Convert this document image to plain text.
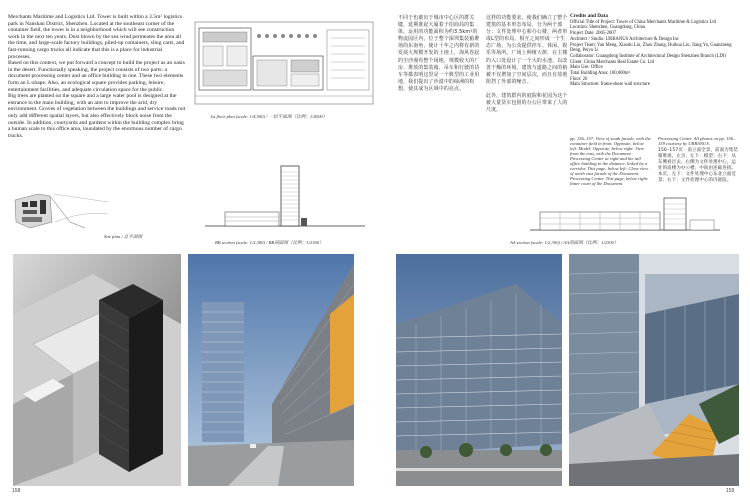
Merchants Maritime and Logistics Ltd. Tower is built within a 3.5m² logistics park in Nanshan District, Shenzhen. Located at the southeast corner of the container field, the tower is in a neighborhood which will see construction work in the next ten years. Dust blown by the sea wind permeates the area all the time, and large-scale factory buildings, piled-up containers, sling carts, and fast-running cargo trucks all indicate that this is a place for industrial processes.

Based on this context, we put forward a concept to build the project as an oasis in the desert. Functionally speaking, the project consists of two parts: a document processing center and an office building in one. These two elements form an L-shape. Also, an ecological square provides parking, leisure, entertainment facilities, and adequate circulation space for the public.

Big trees are planted on the square and a large water pool is designed at the entrance to the main building, with an aim to improve the arid, dry environment. Groves of vegetation between the buildings and service roads not only add different spatial layers, but also effectively block noise from the outside. In addition, courtyards and gardens within the building complex bring a human scale to this office area, inundated by the enormous number of cargo trucks.

Site plan / 总平面图
1st floor plan (scale: 1/4,500) / 一层平面图（比例：1/4500）
BB section (scale: 1/2,300) / BB剖面图（比例：1/2300）
158

不同于也被出于城市中心区的群关键，延期准起大厦着于招商局的集体，运用的功能面积为约3.5km²的物流园区内，位于整个深圳集装箱堆场的东南角，使计十年之内将有新的发展大规模开发的土地上，海风卷起的尘沙漫布整个场地，规模较大的厂房、堆放的集装箱、吊车和行驶的货车等都表明这里是一个典型的工业用地，我们提出了沙漠中的绿洲的构想，使其成为区域中的亮点。

这样的功能要求，使我们确立了整个建筑的基本形态布局，分为两个部分：文件处理中心和办公楼，两者形成L型的布局，相互之间形成一个生态广场，为公众提供停车、休闲、娱乐等场所。广场上种植大树，在主楼的入口处设计了一个大的水池，以改善干燥的环境，建筑与道路之间的植被不仅增加了空间层次，而且有效地阻挡了外部的噪音。

此外，建筑群内的庭院和花园为这个被大量货车包围的办公区带来了人的尺度。

Credits and Data

Official Title of Project: Tower of China Merchants Maritime & Logistics Ltd

Location: Shenzhen, Guangdong, China

Project Date: 2005-2007

Architect / Studio: URBANUS Architecture & Design Inc

Project Team: Yan Meng, Xiaodu Liu, Zhou Zhang, Huihua Liu, Jiang Yu, Guanzheng Deng, Peiyu Li

Collaborator: Guangdong Institute of Architectural Design Shenzhen Branch (LDI)

Client: China Merchants Real Estate Co. Ltd

Main Use: Office

Total Building Area: 100,000m²

Floor: 26

Main Structure: frame-shear wall structure

pp. 156–157: View of south facade, with the container field in front. Opposite, below left: Model. Opposite, below right: View from the east, with the Document Processing Center at right and the tall office building in the distance, linked by a corridor. This page, below left: Close view of north east facade of the Document Processing Center. This page, below right: Inner court of the Document

Processing Center. All photos on pp. 156–159 courtesy by URBANUS.

156–157页：南立面全景，前面为集装箱堆场。左页，左下：模型；右下：从东侧看过去，右侧为文件处理中心，远处的高楼为办公楼，中间由连廊连接。本页，左下：文件处理中心东北立面近景；右下：文件处理中心的内庭院。

AA section (scale: 1/2,300) / AA剖面图（比例：1/2300）
159
